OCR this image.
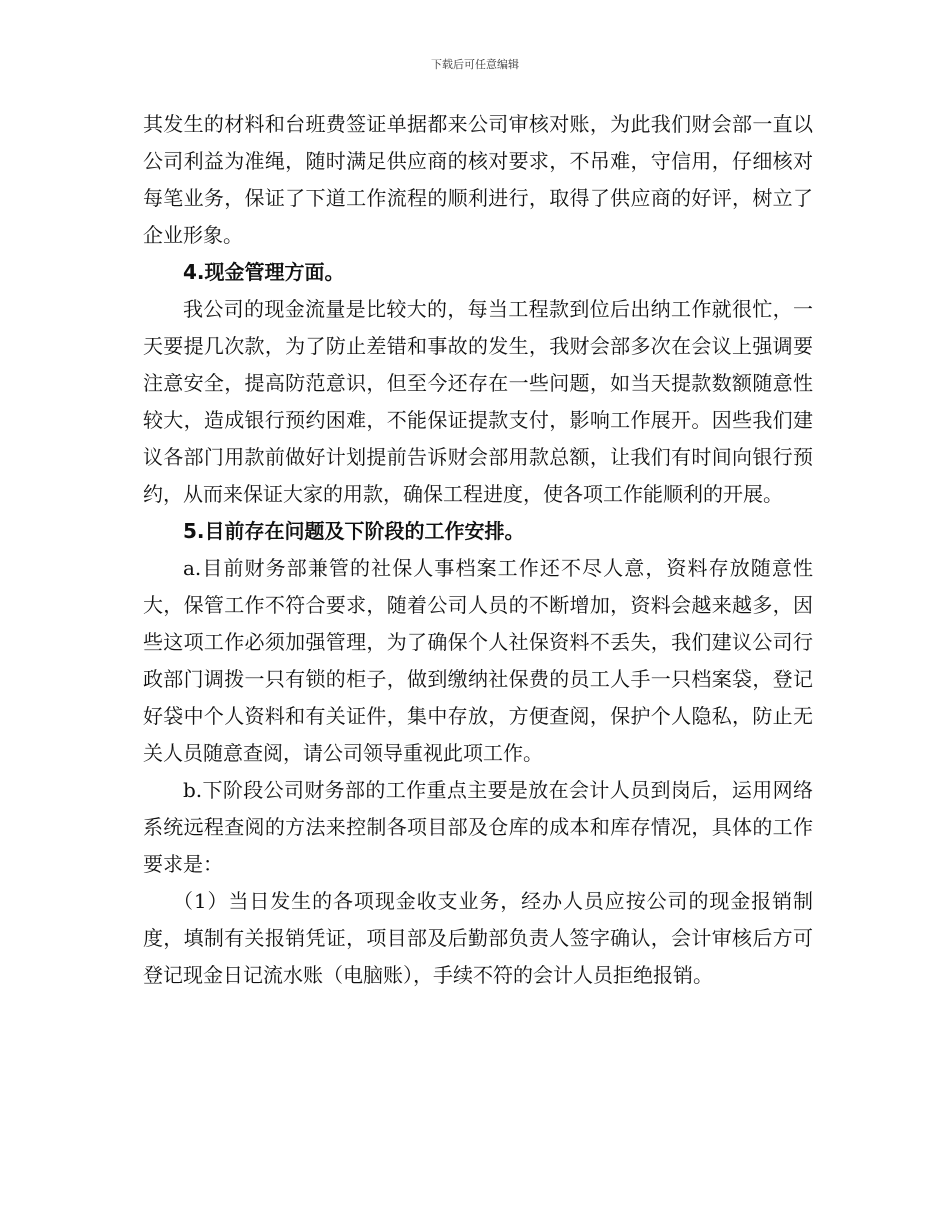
下载后可任意编辑

其发生的材料和台班费签证单据都来公司审核对账，为此我们财会部一直以公司利益为准绳，随时满足供应商的核对要求，不吊难，守信用，仔细核对每笔业务，保证了下道工作流程的顺利进行，取得了供应商的好评，树立了企业形象。

4.现金管理方面。

我公司的现金流量是比较大的，每当工程款到位后出纳工作就很忙，一天要提几次款，为了防止差错和事故的发生，我财会部多次在会议上强调要注意安全，提高防范意识，但至今还存在一些问题，如当天提款数额随意性较大，造成银行预约困难，不能保证提款支付，影响工作展开。因些我们建议各部门用款前做好计划提前告诉财会部用款总额，让我们有时间向银行预约，从而来保证大家的用款，确保工程进度，使各项工作能顺利的开展。

5.目前存在问题及下阶段的工作安排。

a.目前财务部兼管的社保人事档案工作还不尽人意，资料存放随意性大，保管工作不符合要求，随着公司人员的不断增加，资料会越来越多，因些这项工作必须加强管理，为了确保个人社保资料不丢失，我们建议公司行政部门调拨一只有锁的柜子，做到缴纳社保费的员工人手一只档案袋，登记好袋中个人资料和有关证件，集中存放，方便查阅，保护个人隐私，防止无关人员随意查阅，请公司领导重视此项工作。

b.下阶段公司财务部的工作重点主要是放在会计人员到岗后，运用网络系统远程查阅的方法来控制各项目部及仓库的成本和库存情况，具体的工作要求是：

（1）当日发生的各项现金收支业务，经办人员应按公司的现金报销制度，填制有关报销凭证，项目部及后勤部负责人签字确认，会计审核后方可登记现金日记流水账（电脑账），手续不符的会计人员拒绝报销。
